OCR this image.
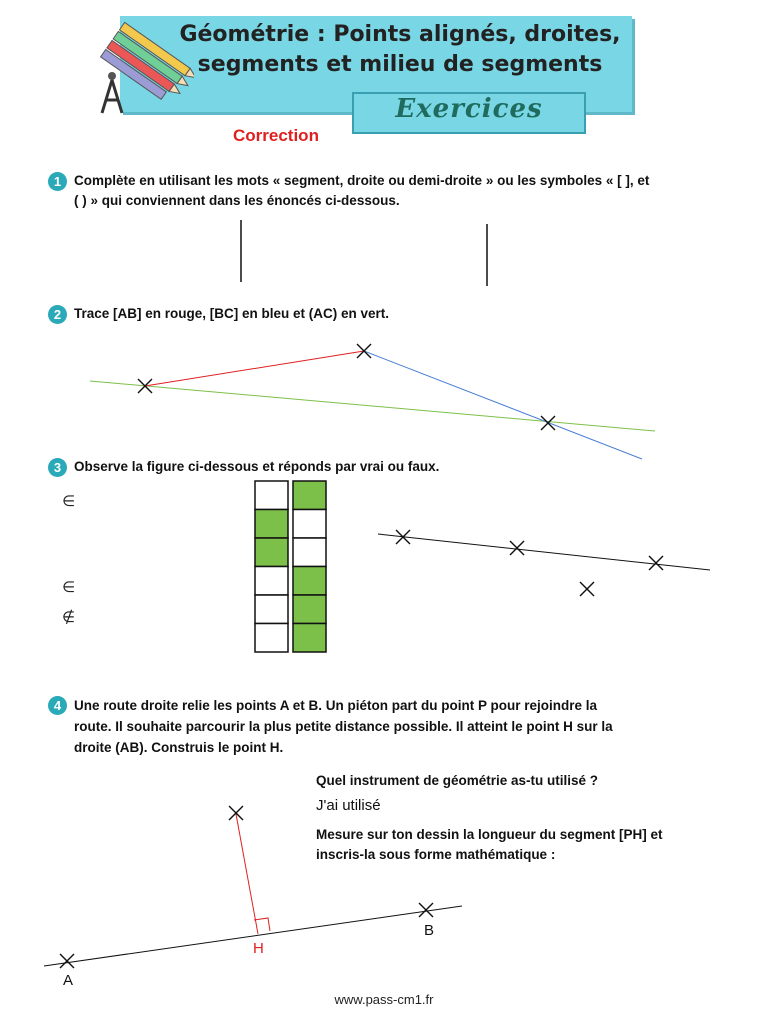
Géométrie : Points alignés, droites,
segments et milieu de segments
Exercices
Correction
1 Complète en utilisant les mots « segment, droite ou demi-droite » ou les symboles « [ ], et
( ) » qui conviennent dans les énoncés ci-dessous.
2 Trace [AB] en rouge, [BC] en bleu et (AC) en vert.
3 Observe la figure ci-dessous et réponds par vrai ou faux.
∈
∈
∉
4 Une route droite relie les points A et B. Un piéton part du point P pour rejoindre la
route. Il souhaite parcourir la plus petite distance possible. Il atteint le point H sur la
droite (AB). Construis le point H.
Quel instrument de géométrie as-tu utilisé ?
J'ai utilisé
Mesure sur ton dessin la longueur du segment [PH] et
inscris-la sous forme mathématique :
A
B
H
www.pass-cm1.fr
